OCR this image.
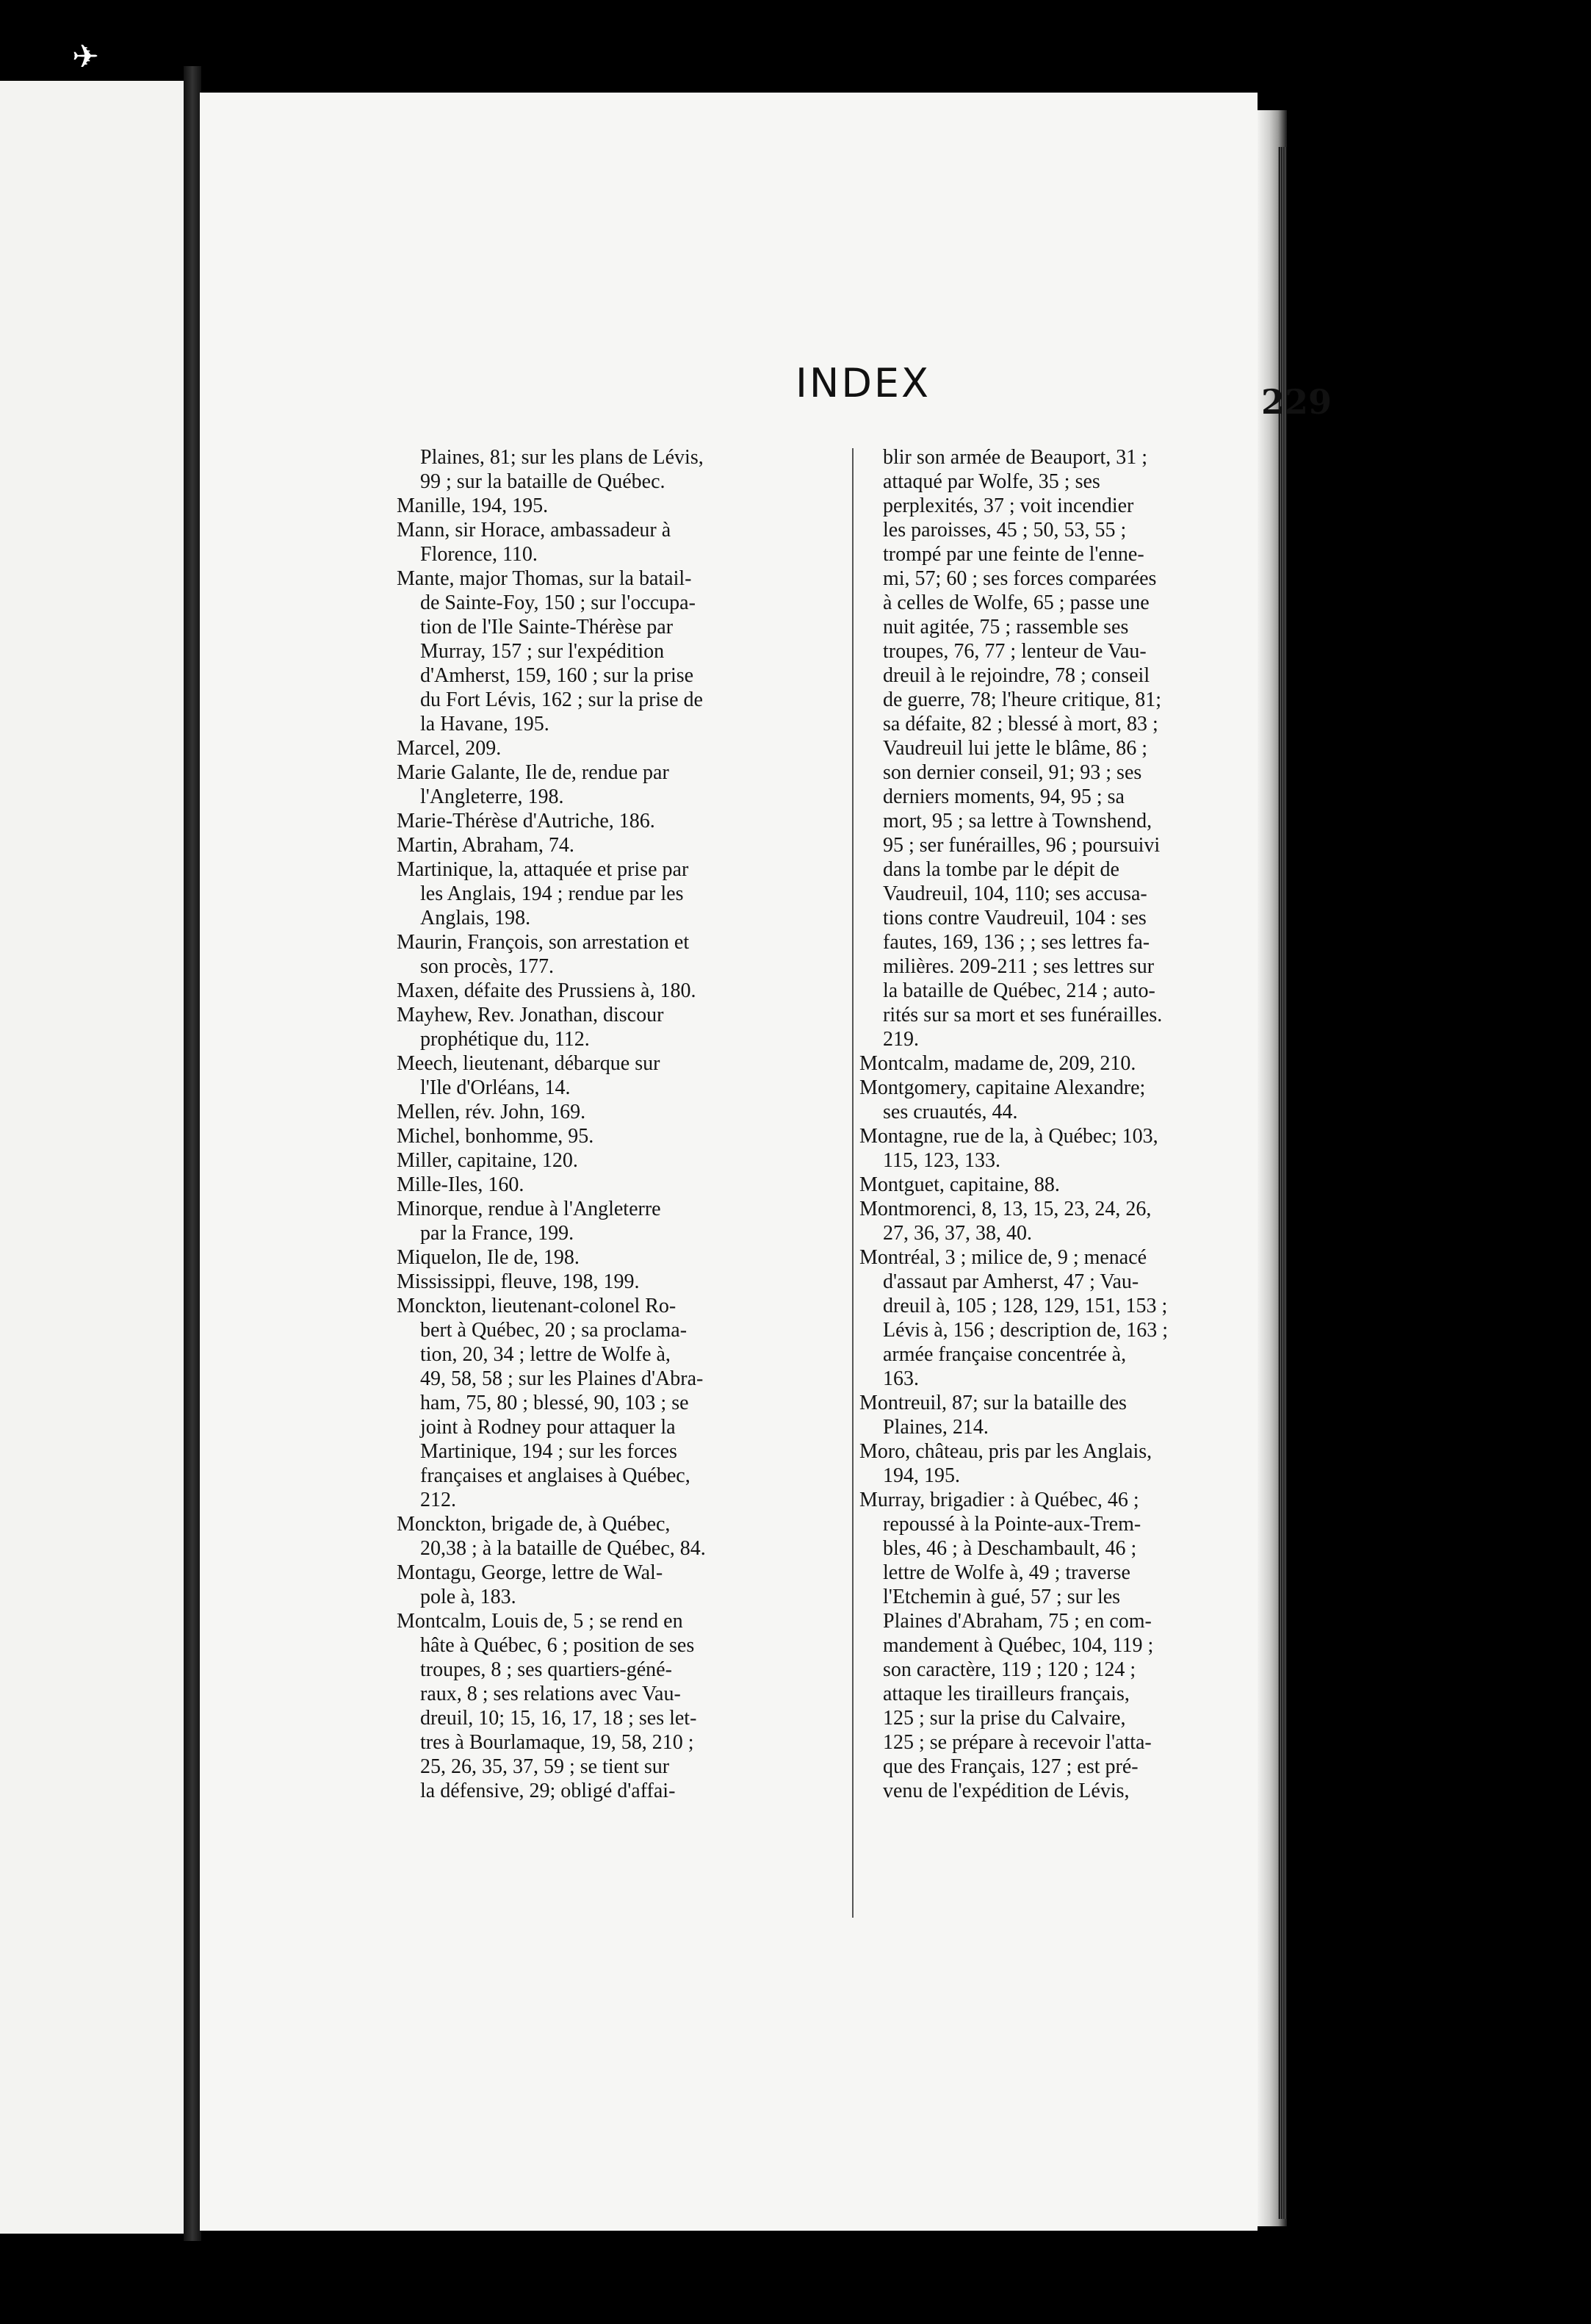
✈
INDEX	229
Plaines, 81; sur les plans de Lévis,
99 ; sur la bataille de Québec.
Manille, 194, 195.
Mann, sir Horace, ambassadeur à
Florence, 110.
Mante, major Thomas, sur la batail-
de Sainte-Foy, 150 ; sur l'occupa-
tion de l'Ile Sainte-Thérèse par
Murray, 157 ; sur l'expédition
d'Amherst, 159, 160 ; sur la prise
du Fort Lévis, 162 ; sur la prise de
la Havane, 195.
Marcel, 209.
Marie Galante, Ile de, rendue par
l'Angleterre, 198.
Marie-Thérèse d'Autriche, 186.
Martin, Abraham, 74.
Martinique, la, attaquée et prise par
les Anglais, 194 ; rendue par les
Anglais, 198.
Maurin, François, son arrestation et
son procès, 177.
Maxen, défaite des Prussiens à, 180.
Mayhew, Rev. Jonathan, discour
prophétique du, 112.
Meech, lieutenant, débarque sur
l'Ile d'Orléans, 14.
Mellen, rév. John, 169.
Michel, bonhomme, 95.
Miller, capitaine, 120.
Mille-Iles, 160.
Minorque, rendue à l'Angleterre
par la France, 199.
Miquelon, Ile de, 198.
Mississippi, fleuve, 198, 199.
Monckton, lieutenant-colonel Ro-
bert à Québec, 20 ; sa proclama-
tion, 20, 34 ; lettre de Wolfe à,
49, 58, 58 ; sur les Plaines d'Abra-
ham, 75, 80 ; blessé, 90, 103 ; se
joint à Rodney pour attaquer la
Martinique, 194 ; sur les forces
françaises et anglaises à Québec,
212.
Monckton, brigade de, à Québec,
20,38 ; à la bataille de Québec, 84.
Montagu, George, lettre de Wal-
pole à, 183.
Montcalm, Louis de, 5 ; se rend en
hâte à Québec, 6 ; position de ses
troupes, 8 ; ses quartiers-géné-
raux, 8 ; ses relations avec Vau-
dreuil, 10; 15, 16, 17, 18 ; ses let-
tres à Bourlamaque, 19, 58, 210 ;
25, 26, 35, 37, 59 ; se tient sur
la défensive, 29; obligé d'affai-
blir son armée de Beauport, 31 ;
attaqué par Wolfe, 35 ; ses
perplexités, 37 ; voit incendier
les paroisses, 45 ; 50, 53, 55 ;
trompé par une feinte de l'enne-
mi, 57; 60 ; ses forces comparées
à celles de Wolfe, 65 ; passe une
nuit agitée, 75 ; rassemble ses
troupes, 76, 77 ; lenteur de Vau-
dreuil à le rejoindre, 78 ; conseil
de guerre, 78; l'heure critique, 81;
sa défaite, 82 ; blessé à mort, 83 ;
Vaudreuil lui jette le blâme, 86 ;
son dernier conseil, 91; 93 ; ses
derniers moments, 94, 95 ; sa
mort, 95 ; sa lettre à Townshend,
95 ; ser funérailles, 96 ; poursuivi
dans la tombe par le dépit de
Vaudreuil, 104, 110; ses accusa-
tions contre Vaudreuil, 104 : ses
fautes, 169, 136 ; ; ses lettres fa-
milières. 209-211 ; ses lettres sur
la bataille de Québec, 214 ; auto-
rités sur sa mort et ses funérailles.
219.
Montcalm, madame de, 209, 210.
Montgomery, capitaine Alexandre;
ses cruautés, 44.
Montagne, rue de la, à Québec; 103,
115, 123, 133.
Montguet, capitaine, 88.
Montmorenci, 8, 13, 15, 23, 24, 26,
27, 36, 37, 38, 40.
Montréal, 3 ; milice de, 9 ; menacé
d'assaut par Amherst, 47 ; Vau-
dreuil à, 105 ; 128, 129, 151, 153 ;
Lévis à, 156 ; description de, 163 ;
armée française concentrée à,
163.
Montreuil, 87; sur la bataille des
Plaines, 214.
Moro, château, pris par les Anglais,
194, 195.
Murray, brigadier : à Québec, 46 ;
repoussé à la Pointe-aux-Trem-
bles, 46 ; à Deschambault, 46 ;
lettre de Wolfe à, 49 ; traverse
l'Etchemin à gué, 57 ; sur les
Plaines d'Abraham, 75 ; en com-
mandement à Québec, 104, 119 ;
son caractère, 119 ; 120 ; 124 ;
attaque les tirailleurs français,
125 ; sur la prise du Calvaire,
125 ; se prépare à recevoir l'atta-
que des Français, 127 ; est pré-
venu de l'expédition de Lévis,
